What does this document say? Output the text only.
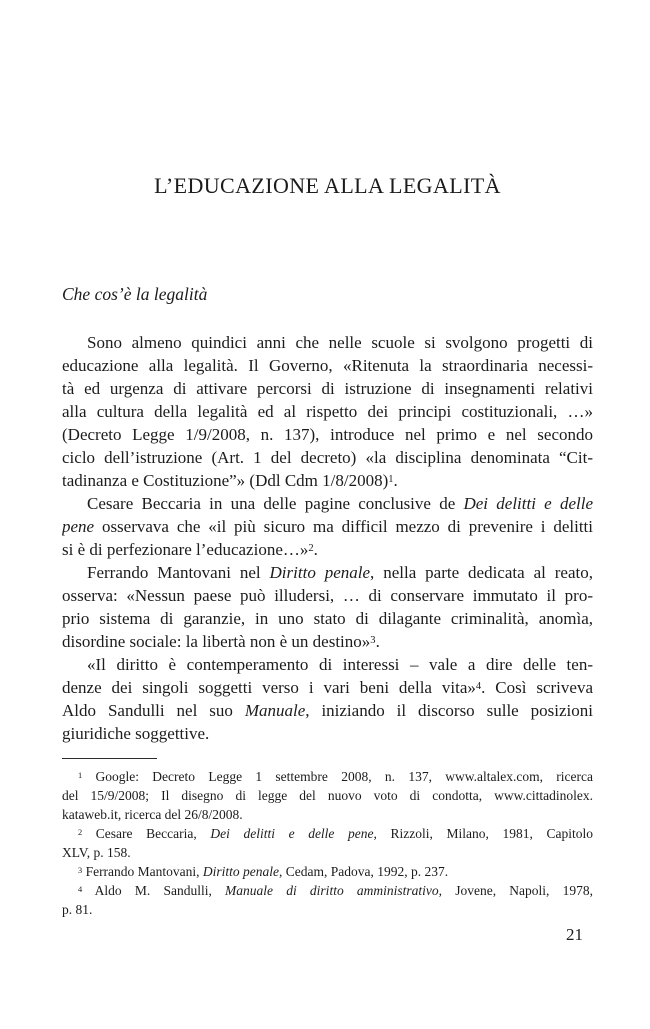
L’EDUCAZIONE ALLA LEGALITÀ
Che cos’è la legalità
Sono almeno quindici anni che nelle scuole si svolgono progetti di
educazione alla legalità. Il Governo, «Ritenuta la straordinaria necessi-
tà ed urgenza di attivare percorsi di istruzione di insegnamenti relativi
alla cultura della legalità ed al rispetto dei principi costituzionali, …»
(Decreto Legge 1/9/2008, n. 137), introduce nel primo e nel secondo
ciclo dell’istruzione (Art. 1 del decreto) «la disciplina denominata “Cit-
tadinanza e Costituzione”» (Ddl Cdm 1/8/2008)$^1$.
Cesare Beccaria in una delle pagine conclusive de Dei delitti e delle
pene osservava che «il più sicuro ma difficil mezzo di prevenire i delitti
si è di perfezionare l’educazione…»$^2$.
Ferrando Mantovani nel Diritto penale, nella parte dedicata al reato,
osserva: «Nessun paese può illudersi, … di conservare immutato il pro-
prio sistema di garanzie, in uno stato di dilagante criminalità, anomìa,
disordine sociale: la libertà non è un destino»$^3$.
«Il diritto è contemperamento di interessi – vale a dire delle ten-
denze dei singoli soggetti verso i vari beni della vita»$^4$. Così scriveva
Aldo Sandulli nel suo Manuale, iniziando il discorso sulle posizioni
giuridiche soggettive.
$^1$ Google: Decreto Legge 1 settembre 2008, n. 137, www.altalex.com, ricerca
del 15/9/2008; Il disegno di legge del nuovo voto di condotta, www.cittadinolex.
kataweb.it, ricerca del 26/8/2008.
$^2$ Cesare Beccaria, Dei delitti e delle pene, Rizzoli, Milano, 1981, Capitolo
XLV, p. 158.
$^3$ Ferrando Mantovani, Diritto penale, Cedam, Padova, 1992, p. 237.
$^4$ Aldo M. Sandulli, Manuale di diritto amministrativo, Jovene, Napoli, 1978,
p. 81.
21
